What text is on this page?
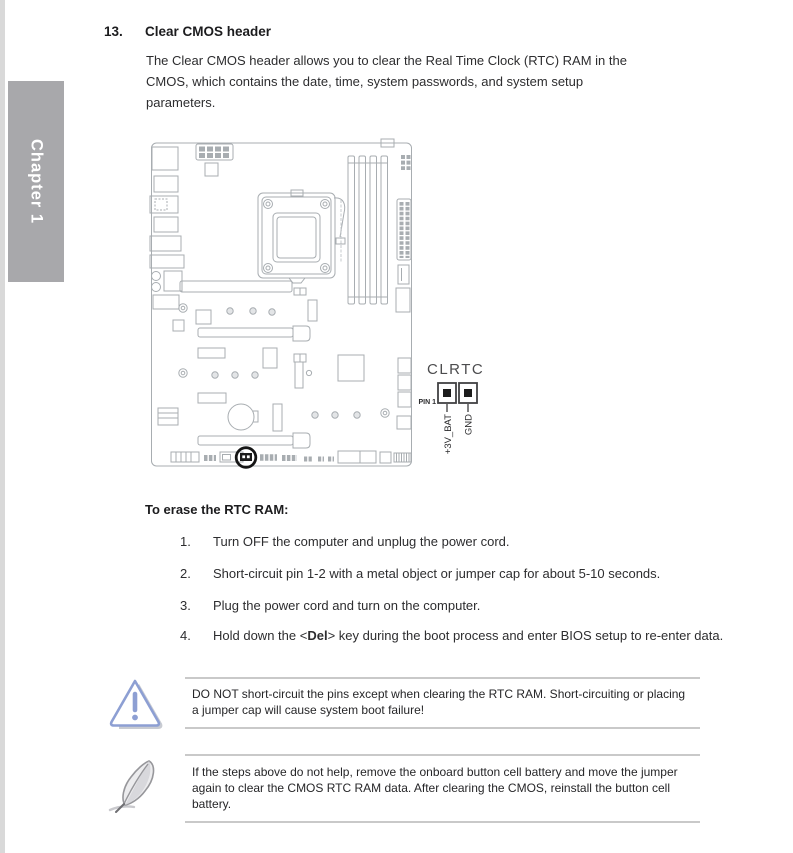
Chapter 1
13. Clear CMOS header
The Clear CMOS header allows you to clear the Real Time Clock (RTC) RAM in the CMOS, which contains the date, time, system passwords, and system setup parameters.
CLRTC
PIN 1
+3V_BAT GND
To erase the RTC RAM:
1. Turn OFF the computer and unplug the power cord.
2. Short-circuit pin 1-2 with a metal object or jumper cap for about 5-10 seconds.
3. Plug the power cord and turn on the computer.
4. Hold down the <Del> key during the boot process and enter BIOS setup to re-enter data.
DO NOT short-circuit the pins except when clearing the RTC RAM. Short-circuiting or placing a jumper cap will cause system boot failure!
If the steps above do not help, remove the onboard button cell battery and move the jumper again to clear the CMOS RTC RAM data. After clearing the CMOS, reinstall the button cell battery.
